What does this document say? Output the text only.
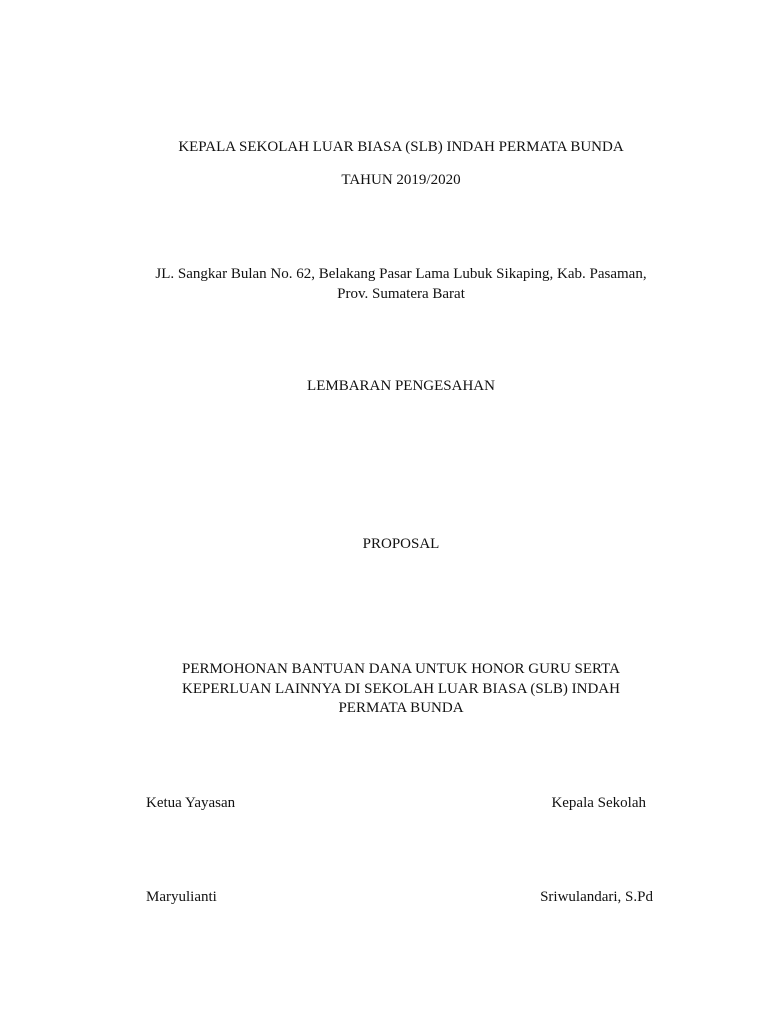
KEPALA SEKOLAH LUAR BIASA (SLB) INDAH PERMATA BUNDA
TAHUN 2019/2020
JL. Sangkar Bulan No. 62, Belakang Pasar Lama Lubuk Sikaping, Kab. Pasaman,
Prov. Sumatera Barat
LEMBARAN PENGESAHAN
PROPOSAL
PERMOHONAN BANTUAN DANA UNTUK HONOR GURU SERTA
KEPERLUAN LAINNYA DI SEKOLAH LUAR BIASA (SLB) INDAH
PERMATA BUNDA
Ketua Yayasan	Kepala Sekolah
Maryulianti	Sriwulandari, S.Pd
